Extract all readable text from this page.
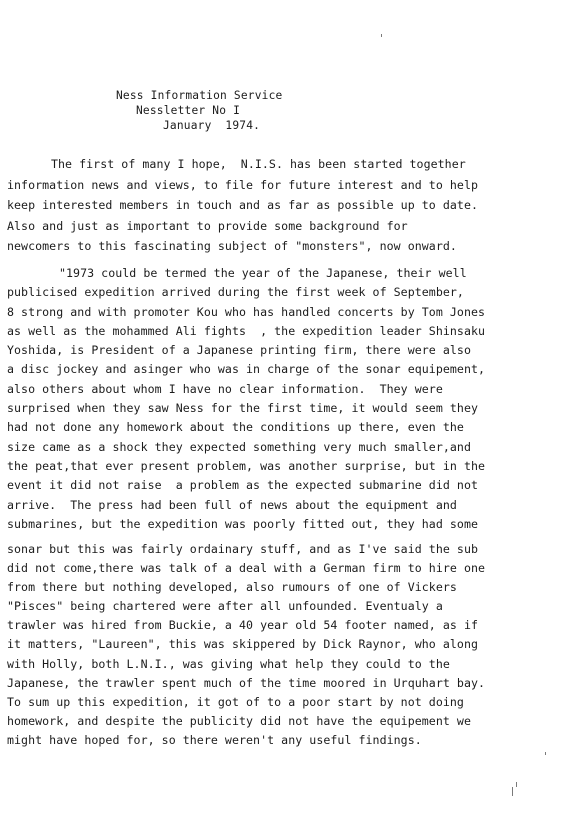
Ness Information Service
Nessletter No I
January  1974.
The first of many I hope,  N.I.S. has been started together
information news and views, to file for future interest and to help
keep interested members in touch and as far as possible up to date.
Also and just as important to provide some background for
newcomers to this fascinating subject of "monsters", now onward.
"1973 could be termed the year of the Japanese, their well
publicised expedition arrived during the first week of September,
8 strong and with promoter Kou who has handled concerts by Tom Jones
as well as the mohammed Ali fights  , the expedition leader Shinsaku
Yoshida, is President of a Japanese printing firm, there were also
a disc jockey and asinger who was in charge of the sonar equipement,
also others about whom I have no clear information.  They were
surprised when they saw Ness for the first time, it would seem they
had not done any homework about the conditions up there, even the
size came as a shock they expected something very much smaller,and
the peat,that ever present problem, was another surprise, but in the
event it did not raise  a problem as the expected submarine did not
arrive.  The press had been full of news about the equipment and
submarines, but the expedition was poorly fitted out, they had some
sonar but this was fairly ordainary stuff, and as I've said the sub
did not come,there was talk of a deal with a German firm to hire one
from there but nothing developed, also rumours of one of Vickers
"Pisces" being chartered were after all unfounded. Eventualy a
trawler was hired from Buckie, a 40 year old 54 footer named, as if
it matters, "Laureen", this was skippered by Dick Raynor, who along
with Holly, both L.N.I., was giving what help they could to the
Japanese, the trawler spent much of the time moored in Urquhart bay.
To sum up this expedition, it got of to a poor start by not doing
homework, and despite the publicity did not have the equipement we
might have hoped for, so there weren't any useful findings.
